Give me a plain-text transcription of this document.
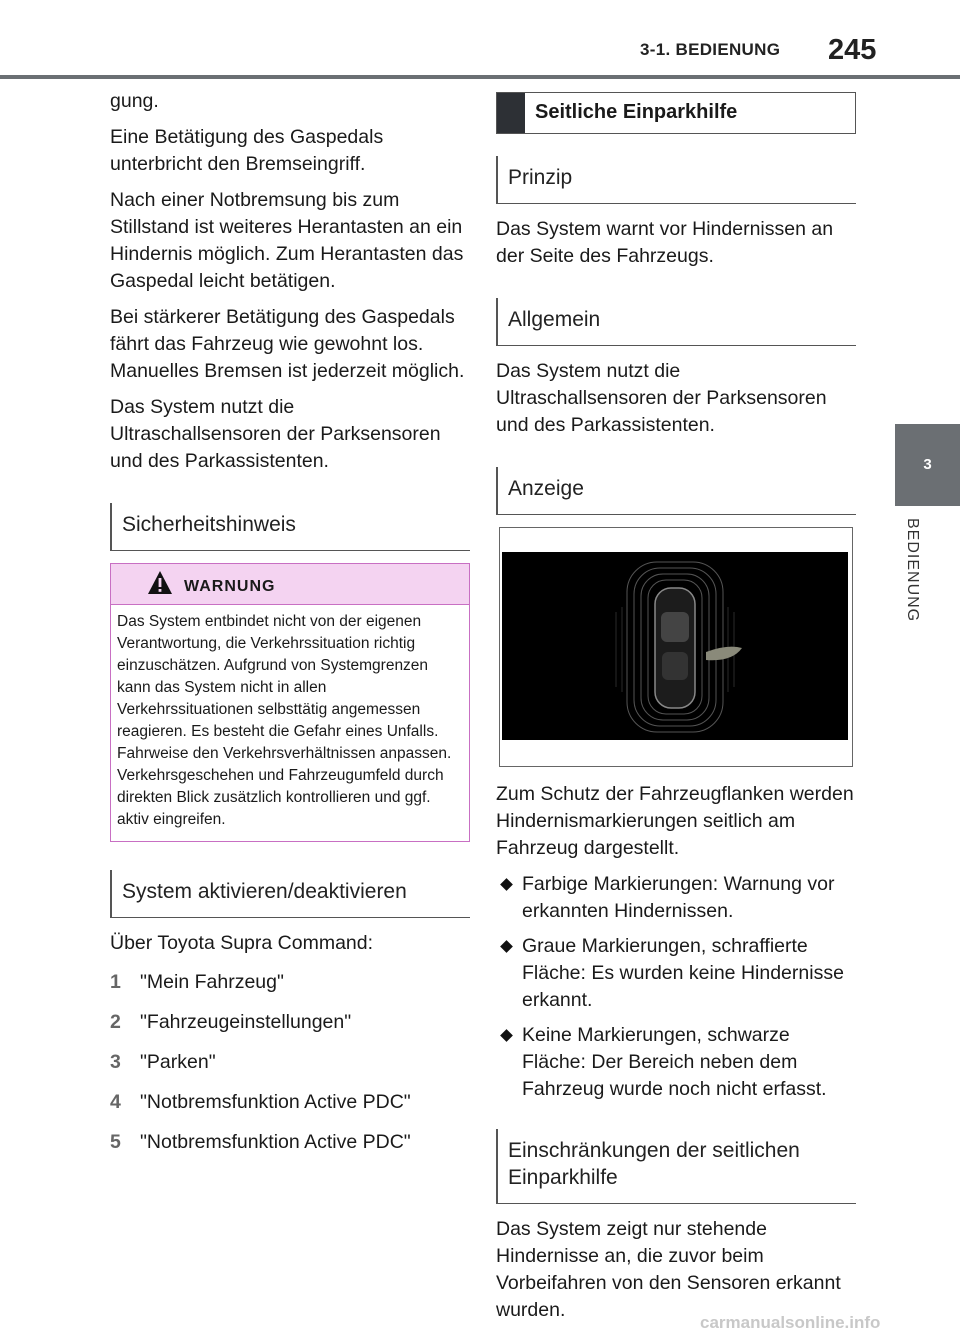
3-1. BEDIENUNG 245
3
BEDIENUNG

gung.

Eine Betätigung des Gaspedals unterbricht den Bremseingriff.

Nach einer Notbremsung bis zum Stillstand ist weiteres Herantasten an ein Hindernis möglich. Zum Herantasten das Gaspedal leicht betätigen.

Bei stärkerer Betätigung des Gaspedals fährt das Fahrzeug wie gewohnt los. Manuelles Bremsen ist jederzeit möglich.

Das System nutzt die Ultraschallsensoren der Parksensoren und des Parkassistenten.

Sicherheitshinweis
WARNUNG
Das System entbindet nicht von der eigenen Verantwortung, die Verkehrssituation richtig einzuschätzen. Aufgrund von Systemgrenzen kann das System nicht in allen Verkehrssituationen selbsttätig angemessen reagieren. Es besteht die Gefahr eines Unfalls. Fahrweise den Verkehrsverhältnissen anpassen. Verkehrsgeschehen und Fahrzeugumfeld durch direkten Blick zusätzlich kontrollieren und ggf. aktiv eingreifen.
System aktivieren/deaktivieren

Über Toyota Supra Command:

1 "Mein Fahrzeug"
2 "Fahrzeugeinstellungen"
3 "Parken"
4 "Notbremsfunktion Active PDC"
5 "Notbremsfunktion Active PDC"
Seitliche Einparkhilfe
Prinzip

Das System warnt vor Hindernissen an der Seite des Fahrzeugs.

Allgemein

Das System nutzt die Ultraschallsensoren der Parksensoren und des Parkassistenten.

Anzeige

Zum Schutz der Fahrzeugflanken werden Hindernismarkierungen seitlich am Fahrzeug dargestellt.

Farbige Markierungen: Warnung vor erkannten Hindernissen.
Graue Markierungen, schraffierte Fläche: Es wurden keine Hindernisse erkannt.
Keine Markierungen, schwarze Fläche: Der Bereich neben dem Fahrzeug wurde noch nicht erfasst.
Einschränkungen der seitlichen Einparkhilfe

Das System zeigt nur stehende Hindernisse an, die zuvor beim Vorbeifahren von den Sensoren erkannt wurden.

carmanualsonline.info
